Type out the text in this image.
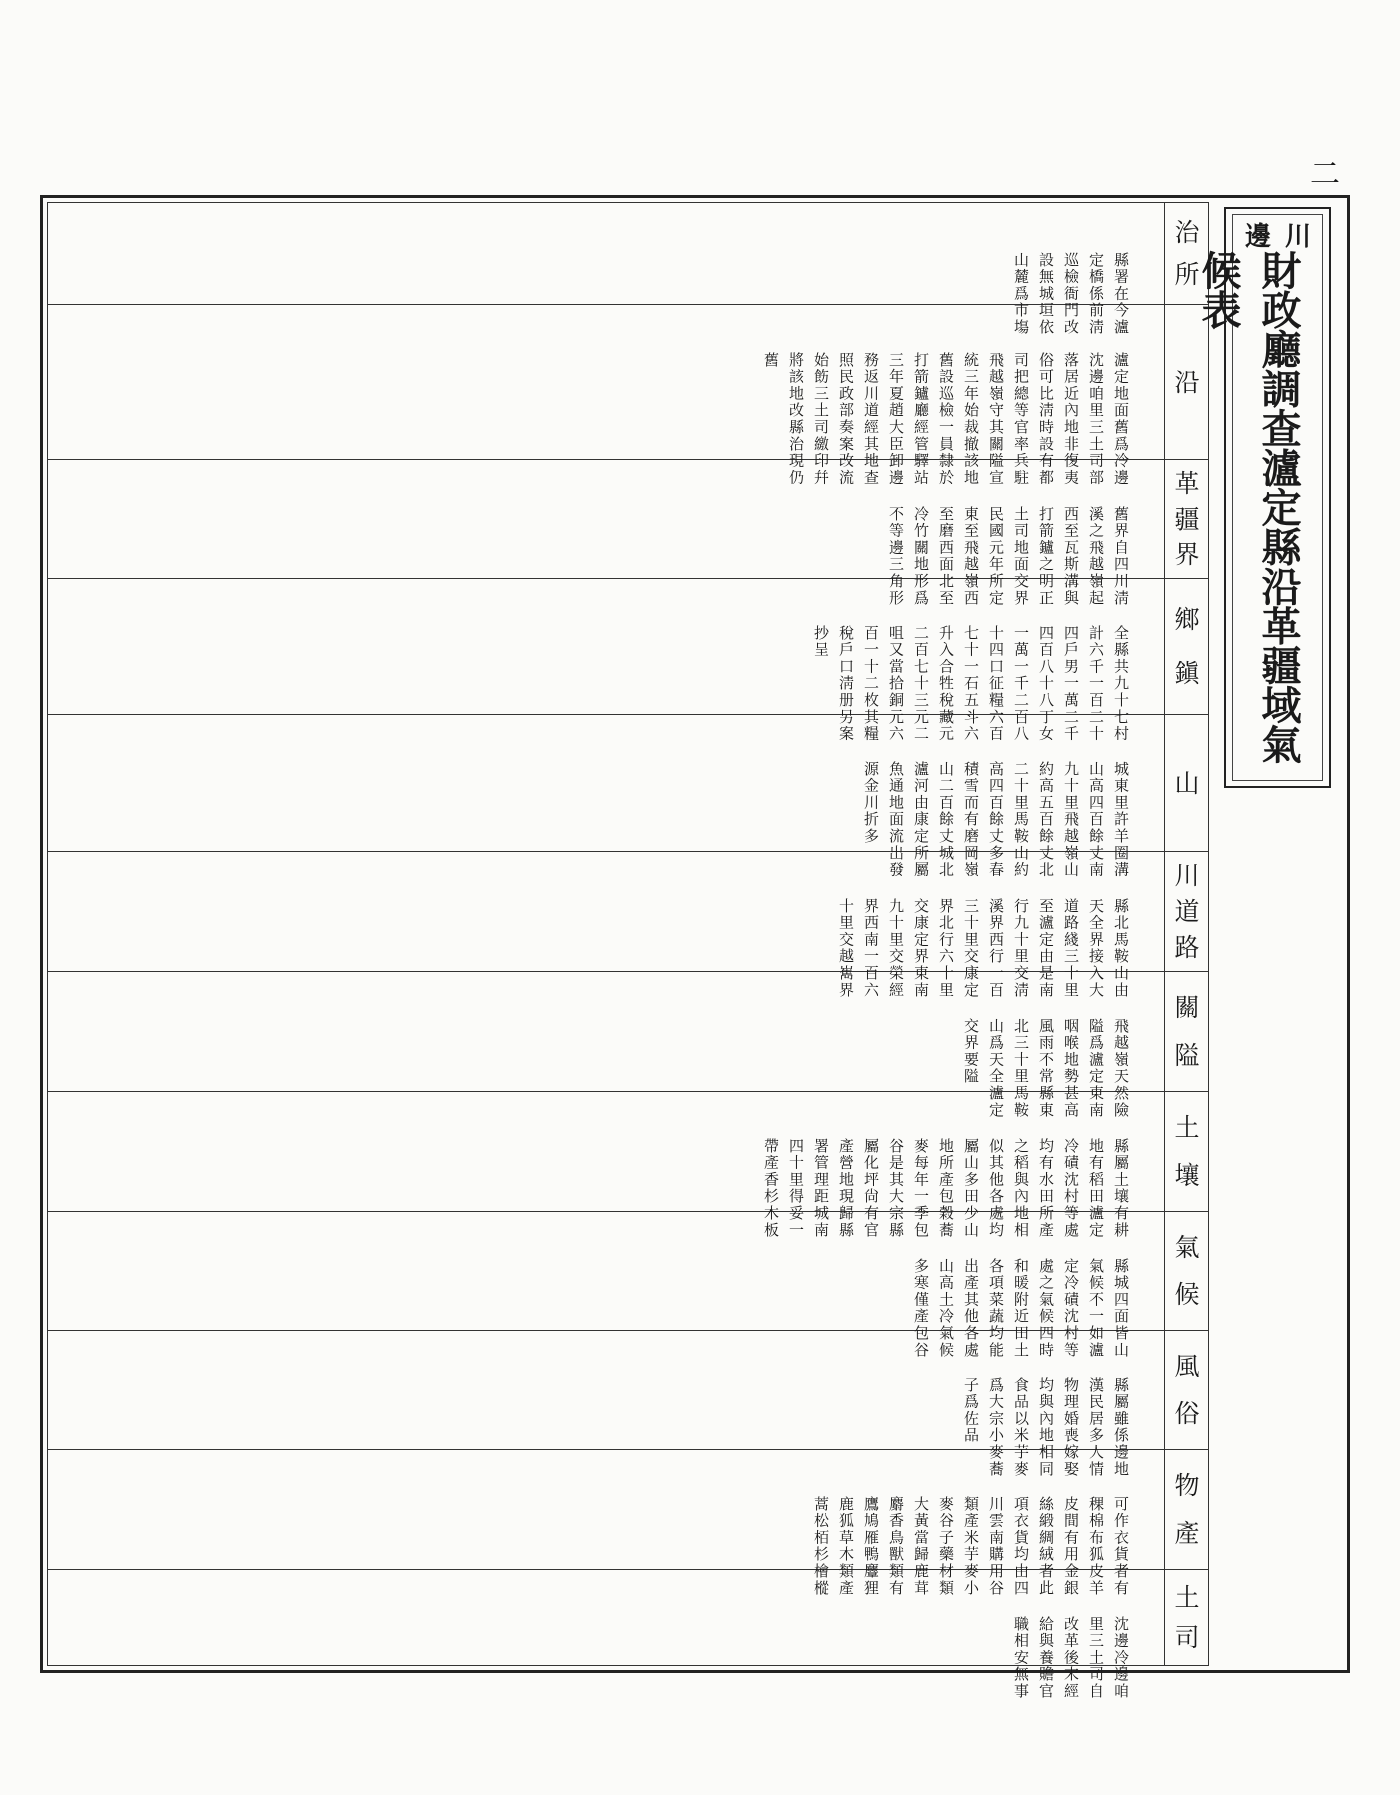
二
邊 川
財政廳調查瀘定縣沿革疆域氣候表
治
所

縣署在今瀘
定橋係前淸
巡檢衙門改
設無城垣依
山麓爲市塲

沿

瀘定地面舊爲冷邊
沈邊咱里三土司部
落居近內地非復夷
俗可比淸時設有都
司把總等官率兵駐
飛越嶺守其關隘宣
統三年始裁撤該地
舊設巡檢一員隸於
打箭鑪廳經管驛站
三年夏趙大臣卸邊
務返川道經其地查
照民政部奏案改流
始飭三土司繳印幷
將該地改縣治現仍
舊

革
疆
界

舊界自四川淸
溪之飛越嶺起
西至瓦斯溝與
打箭鑪之明正
土司地面交界
民國元年所定
東至飛越嶺西
至磨西面北至
冷竹關地形爲
不等邊三角形

鄉
鎭

全縣共九十七村
計六千一百二十
四戶男一萬二千
四百八十八丁女
一萬一千二百八
十四口征糧六百
七十一石五斗六
升入合牲稅藏元
二百七十三元二
咀又當拾銅元六
百一十二枚其糧
稅戶口淸册另案
抄呈

山

城東里許羊圈溝
山高四百餘丈南
九十里飛越嶺山
約高五百餘丈北
二十里馬鞍山約
高四百餘丈多春
積雪而有磨岡嶺
山二百餘丈城北
瀘河由康定所屬
魚通地面流出發
源金川折多

川
道
路

縣北馬鞍山由
天全界接入大
道路綫三十里
至瀘定由是南
行九十里交淸
溪界西行一百
三十里交康定
界北行六十里
交康定界東南
九十里交榮經
界西南一百六
十里交越嶲界

關
隘

飛越嶺天然險
隘爲瀘定東南
咽喉地勢甚高
風雨不常縣東
北三十里馬鞍
山爲天全瀘定
交界要隘

土
壤

縣屬土壤有耕
地有稻田瀘定
冷磧沈村等處
均有水田所產
之稻與內地相
似其他各處均
屬山多田少山
地所產包穀蕎
麥每年一季包
谷是其大宗縣
屬化坪尙有官
產營地現歸縣
署管理距城南
四十里得妥一
帶產香杉木板

氣
候

縣城四面皆山
氣候不一如瀘
定冷磧沈村等
處之氣候四時
和暖附近田土
各項菜蔬均能
出產其他各處
山高土冷氣候
多寒僅產包谷

風
俗

縣屬雖係邊地
漢民居多人情
物理婚喪嫁娶
均與內地相同
食品以米芋麥
爲大宗小麥蕎
子爲佐品

物
產

可作衣貨者有
稞棉布狐皮羊
皮間有用金銀
絲緞綢絨者此
項衣貨均由四
川雲南購用谷
類產米芋麥小
麥谷子藥材類
大黃當歸鹿茸
麝香鳥獸類有
鷹鳩雁鴨麞狸
鹿狐草木類產
蒿松栢杉檜樅

土
司

沈邊冷邊咱
里三土司自
改革後末經
給與養贍官
職相安無事
